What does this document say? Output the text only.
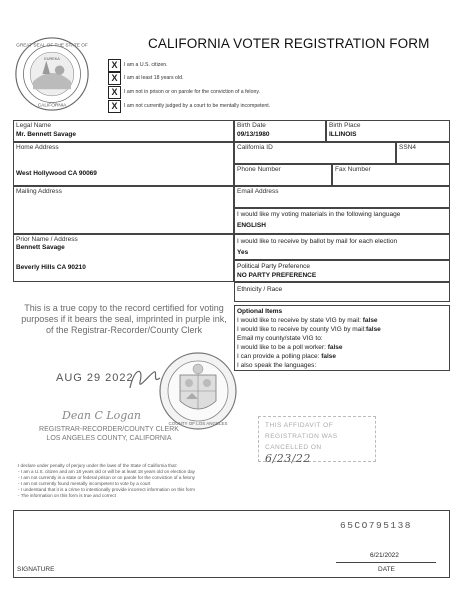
CALIFORNIA VOTER REGISTRATION FORM
GREAT SEAL OF THE STATE OF
CALIFORNIA
EUREKA
X	I am a U.S. citizen.
X	I am at least 18 years old.
X	I am not in prison or on parole for the conviction of a felony.
X	I am not currently judged by a court to be mentally incompetent.
Legal Name
Mr. Bennett Savage
Birth Date
09/13/1980
Birth Place
ILLINOIS
Home Address
West Hollywood CA 90069
California ID	SSN4
Phone Number	Fax Number
Mailing Address	Email Address
I would like my voting materials in the following language
ENGLISH
Prior Name / Address
Bennett Savage
Beverly Hills CA 90210
I would like to receive by ballot by mail for each election
Yes
Political Party Preference
NO PARTY PREFERENCE
Ethnicity / Race
Optional Items
I would like to receive by state VIG by mail: false
I would like to receive by county VIG by mail:false
Email my county/state VIG to:
I would like to be a poll worker: false
I can provide a polling place: false
I also speak the languages:
This is a true copy to the record certified for voting
purposes if it bears the seal, imprinted in purple ink,
of the Registrar-Recorder/County Clerk
AUG 29 2022
Dean C Logan
REGISTRAR-RECORDER/COUNTY CLERK
LOS ANGELES COUNTY, CALIFORNIA
COUNTY OF LOS ANGELES	THIS AFFIDAVIT OF
REGISTRATION WAS
CANCELLED ON 6/23/22
I declare under penalty of perjury under the laws of the State of California that:
- I am a U.S. citizen and am 18 years old or will be at least 18 years old on election day
- I am not currently in a state or federal prison or on parole for the conviction of a felony
- I am not currently found mentally incompetent to vote by a court
- I understand that it is a crime to intentionally provide incorrect information on this form
- The information on this form is true and correct
65CO795138
6/21/2022
DATE
SIGNATURE
